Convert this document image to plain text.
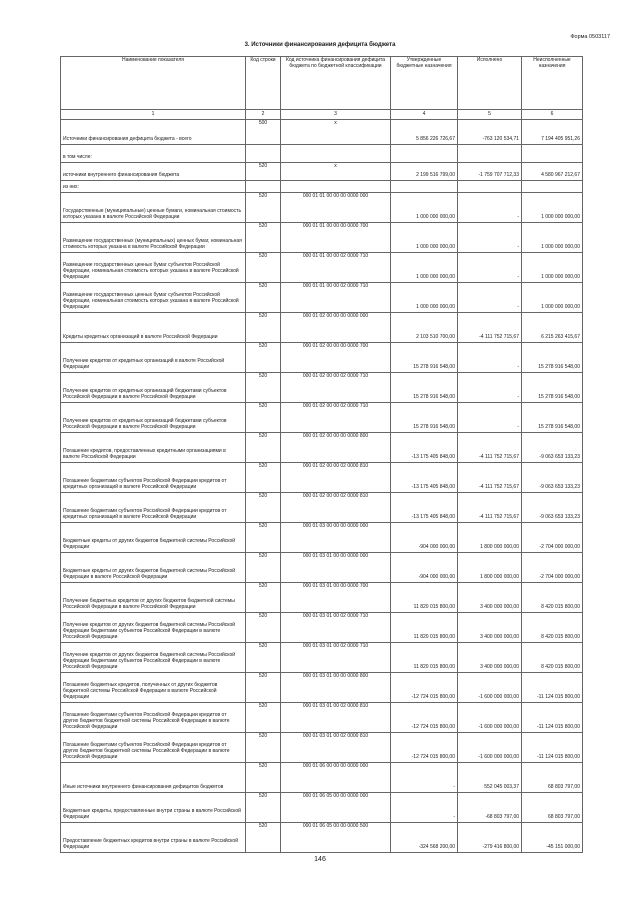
Форма 0503117
3. Источники финансирования дефицита бюджета
Наименование показателя	Код строки	Код источника финансирования дефицита бюджета по бюджетной классификации	Утвержденные бюджетные назначения	Исполнено	Неисполненные назначения
1	2	3	4	5	6
Источники финансирования дефицита бюджета - всего	500	x	5 856 226 726,67	-763 120 534,71	7 194 405 951,26
в том числе:					
источники внутреннего финансирования бюджета	520	x	2 199 516 799,00	-1 759 707 712,33	4 580 967 212,67
из них:					
Государственные (муниципальные) ценные бумаги, номинальная стоимость которых указана в валюте Российской Федерации	520	000 01 01 00 00 00 0000 000	1 000 000 000,00	-	1 000 000 000,00
Размещение государственных (муниципальных) ценных бумаг, номинальная стоимость которых указана в валюте Российской Федерации	520	000 01 01 00 00 00 0000 700	1 000 000 000,00	-	1 000 000 000,00
Размещение государственных ценных бумаг субъектов Российской Федерации, номинальная стоимость которых указана в валюте Российской Федерации	520	000 01 01 00 00 02 0000 710	1 000 000 000,00	-	1 000 000 000,00
Размещение государственных ценных бумаг субъектов Российской Федерации, номинальная стоимость которых указана в валюте Российской Федерации	520	000 01 01 00 00 02 0000 710	1 000 000 000,00	-	1 000 000 000,00
Кредиты кредитных организаций в валюте Российской Федерации	520	000 01 02 00 00 00 0000 000	2 103 510 700,00	-4 111 752 715,67	6 215 263 415,67
Получение кредитов от кредитных организаций в валюте Российской Федерации	520	000 01 02 00 00 00 0000 700	15 278 916 548,00	-	15 278 916 548,00
Получение кредитов от кредитных организаций бюджетами субъектов Российской Федерации в валюте Российской Федерации	520	000 01 02 00 00 02 0000 710	15 278 916 548,00	-	15 278 916 548,00
Получение кредитов от кредитных организаций бюджетами субъектов Российской Федерации в валюте Российской Федерации	520	000 01 02 00 00 02 0000 710	15 278 916 548,00	-	15 278 916 548,00
Погашение кредитов, предоставленных кредитными организациями в валюте Российской Федерации	520	000 01 02 00 00 00 0000 800	-13 175 405 848,00	-4 111 752 715,67	-9 063 653 133,23
Погашение бюджетами субъектов Российской Федерации кредитов от кредитных организаций в валюте Российской Федерации	520	000 01 02 00 00 02 0000 810	-13 175 405 848,00	-4 111 752 715,67	-9 063 653 133,23
Погашение бюджетами субъектов Российской Федерации кредитов от кредитных организаций в валюте Российской Федерации	520	000 01 02 00 00 02 0000 810	-13 175 405 848,00	-4 111 752 715,67	-9 063 653 133,23
Бюджетные кредиты от других бюджетов бюджетной системы Российской Федерации	520	000 01 03 00 00 00 0000 000	-904 000 000,00	1 800 000 000,00	-2 704 000 000,00
Бюджетные кредиты от других бюджетов бюджетной системы Российской Федерации в валюте Российской Федерации	520	000 01 03 01 00 00 0000 000	-904 000 000,00	1 800 000 000,00	-2 704 000 000,00
Получение бюджетных кредитов от других бюджетов бюджетной системы Российской Федерации в валюте Российской Федерации	520	000 01 03 01 00 00 0000 700	11 820 015 800,00	3 400 000 000,00	8 420 015 800,00
Получение кредитов от других бюджетов бюджетной системы Российской Федерации бюджетами субъектов Российской Федерации в валюте Российской Федерации	520	000 01 03 01 00 02 0000 710	11 820 015 800,00	3 400 000 000,00	8 420 015 800,00
Получение кредитов от других бюджетов бюджетной системы Российской Федерации бюджетами субъектов Российской Федерации в валюте Российской Федерации	520	000 01 03 01 00 02 0000 710	11 820 015 800,00	3 400 000 000,00	8 420 015 800,00
Погашение бюджетных кредитов, полученных от других бюджетов бюджетной системы Российской Федерации в валюте Российской Федерации	520	000 01 03 01 00 00 0000 800	-12 724 015 800,00	-1 600 000 000,00	-11 124 015 800,00
Погашение бюджетами субъектов Российской Федерации кредитов от других бюджетов бюджетной системы Российской Федерации в валюте Российской Федерации	520	000 01 03 01 00 02 0000 810	-12 724 015 800,00	-1 600 000 000,00	-11 124 015 800,00
Погашение бюджетами субъектов Российской Федерации кредитов от других бюджетов бюджетной системы Российской Федерации в валюте Российской Федерации	520	000 01 03 01 00 02 0000 810	-12 724 015 800,00	-1 600 000 000,00	-11 124 015 800,00
Иные источники внутреннего финансирования дефицитов бюджетов	520	000 01 06 00 00 00 0000 000	-	552 045 003,37	68 803 797,00
Бюджетные кредиты, предоставленные внутри страны в валюте Российской Федерации	520	000 01 06 05 00 00 0000 000	-	-68 803 797,00	68 803 797,00
Предоставление бюджетных кредитов внутри страны в валюте Российской Федерации	520	000 01 06 05 00 00 0000 500	-324 568 200,00	-279 416 800,00	-45 151 000,00
146
